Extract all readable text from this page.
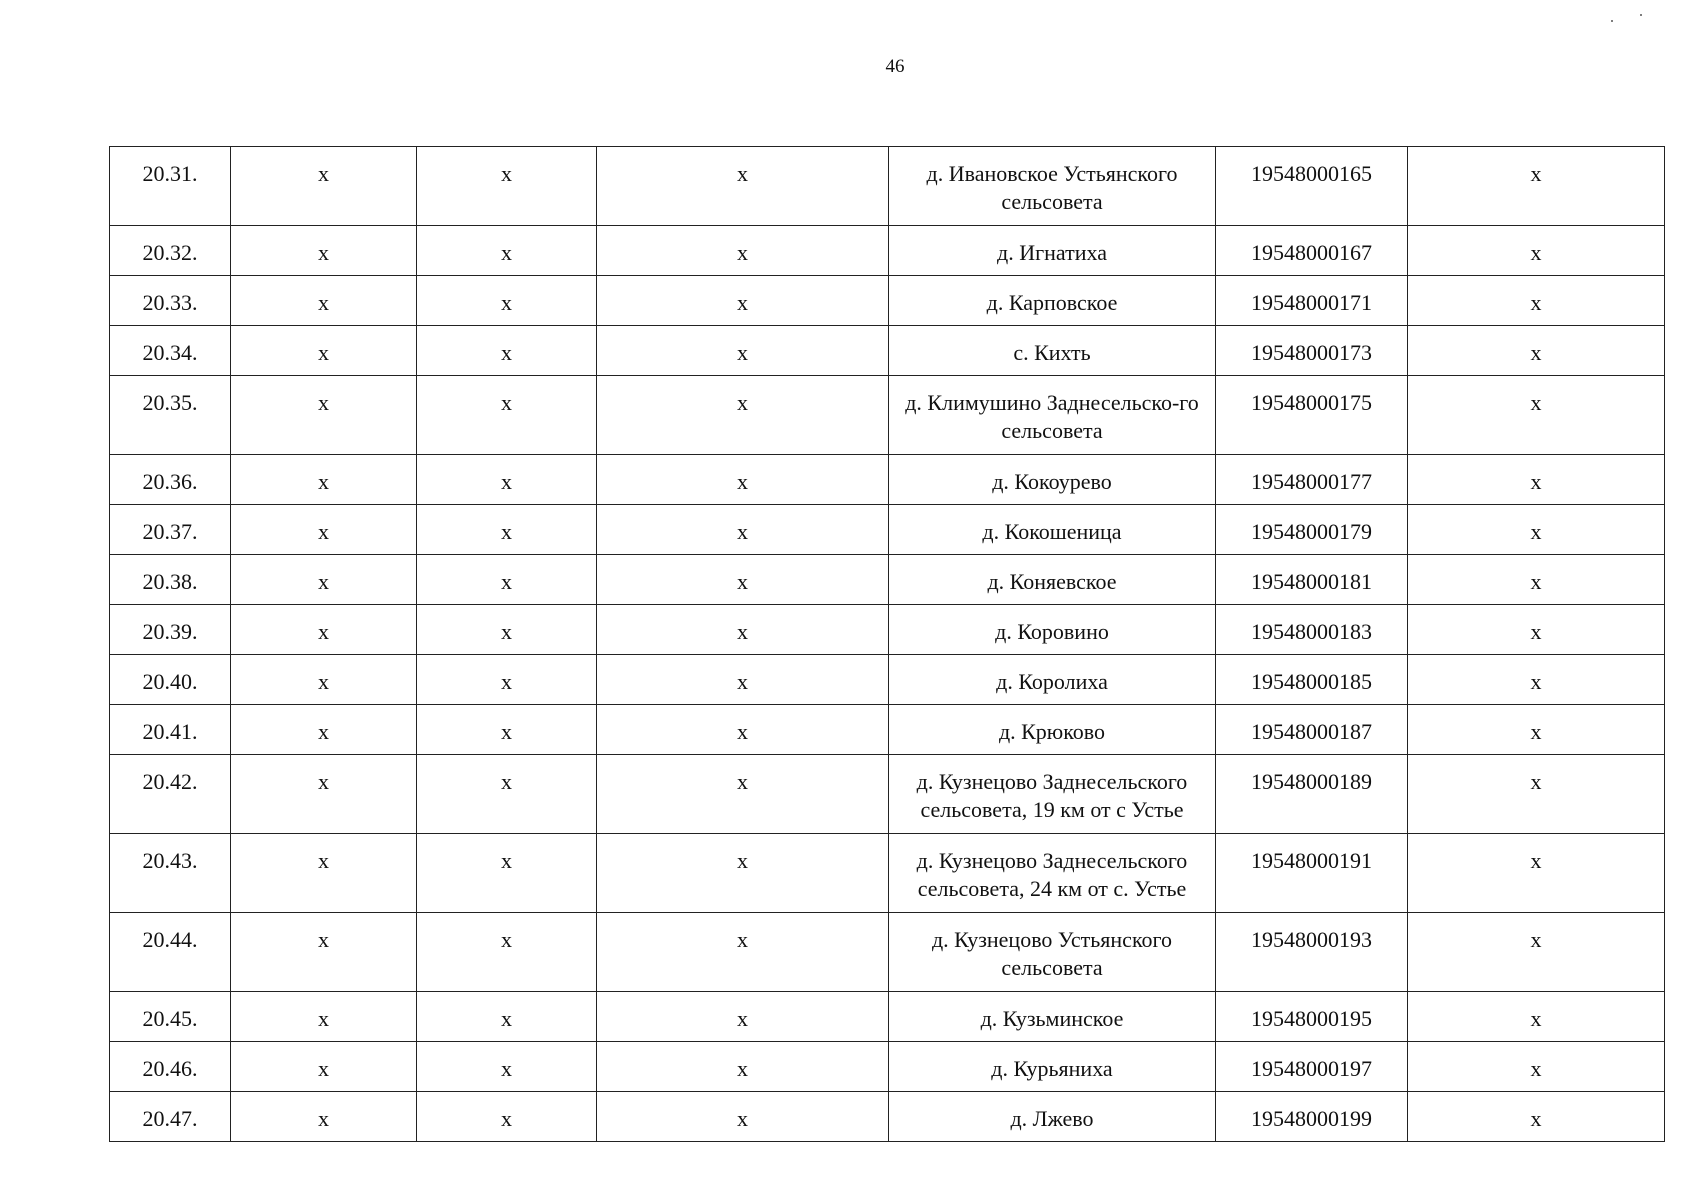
46
20.31.	х	х	х	д. Ивановское Устьянского сельсовета	19548000165	х
20.32.	х	х	х	д. Игнатиха	19548000167	х
20.33.	х	х	х	д. Карповское	19548000171	х
20.34.	х	х	х	с. Кихть	19548000173	х
20.35.	х	х	х	д. Климушино Заднесельско-го сельсовета	19548000175	х
20.36.	х	х	х	д. Кокоурево	19548000177	х
20.37.	х	х	х	д. Кокошеница	19548000179	х
20.38.	х	х	х	д. Коняевское	19548000181	х
20.39.	х	х	х	д. Коровино	19548000183	х
20.40.	х	х	х	д. Королиха	19548000185	х
20.41.	х	х	х	д. Крюково	19548000187	х
20.42.	х	х	х	д. Кузнецово Заднесельского сельсовета, 19 км от с Устье	19548000189	х
20.43.	х	х	х	д. Кузнецово Заднесельского сельсовета, 24 км от с. Устье	19548000191	х
20.44.	х	х	х	д. Кузнецово Устьянского сельсовета	19548000193	х
20.45.	х	х	х	д. Кузьминское	19548000195	х
20.46.	х	х	х	д. Курьяниха	19548000197	х
20.47.	х	х	х	д. Лжево	19548000199	х
